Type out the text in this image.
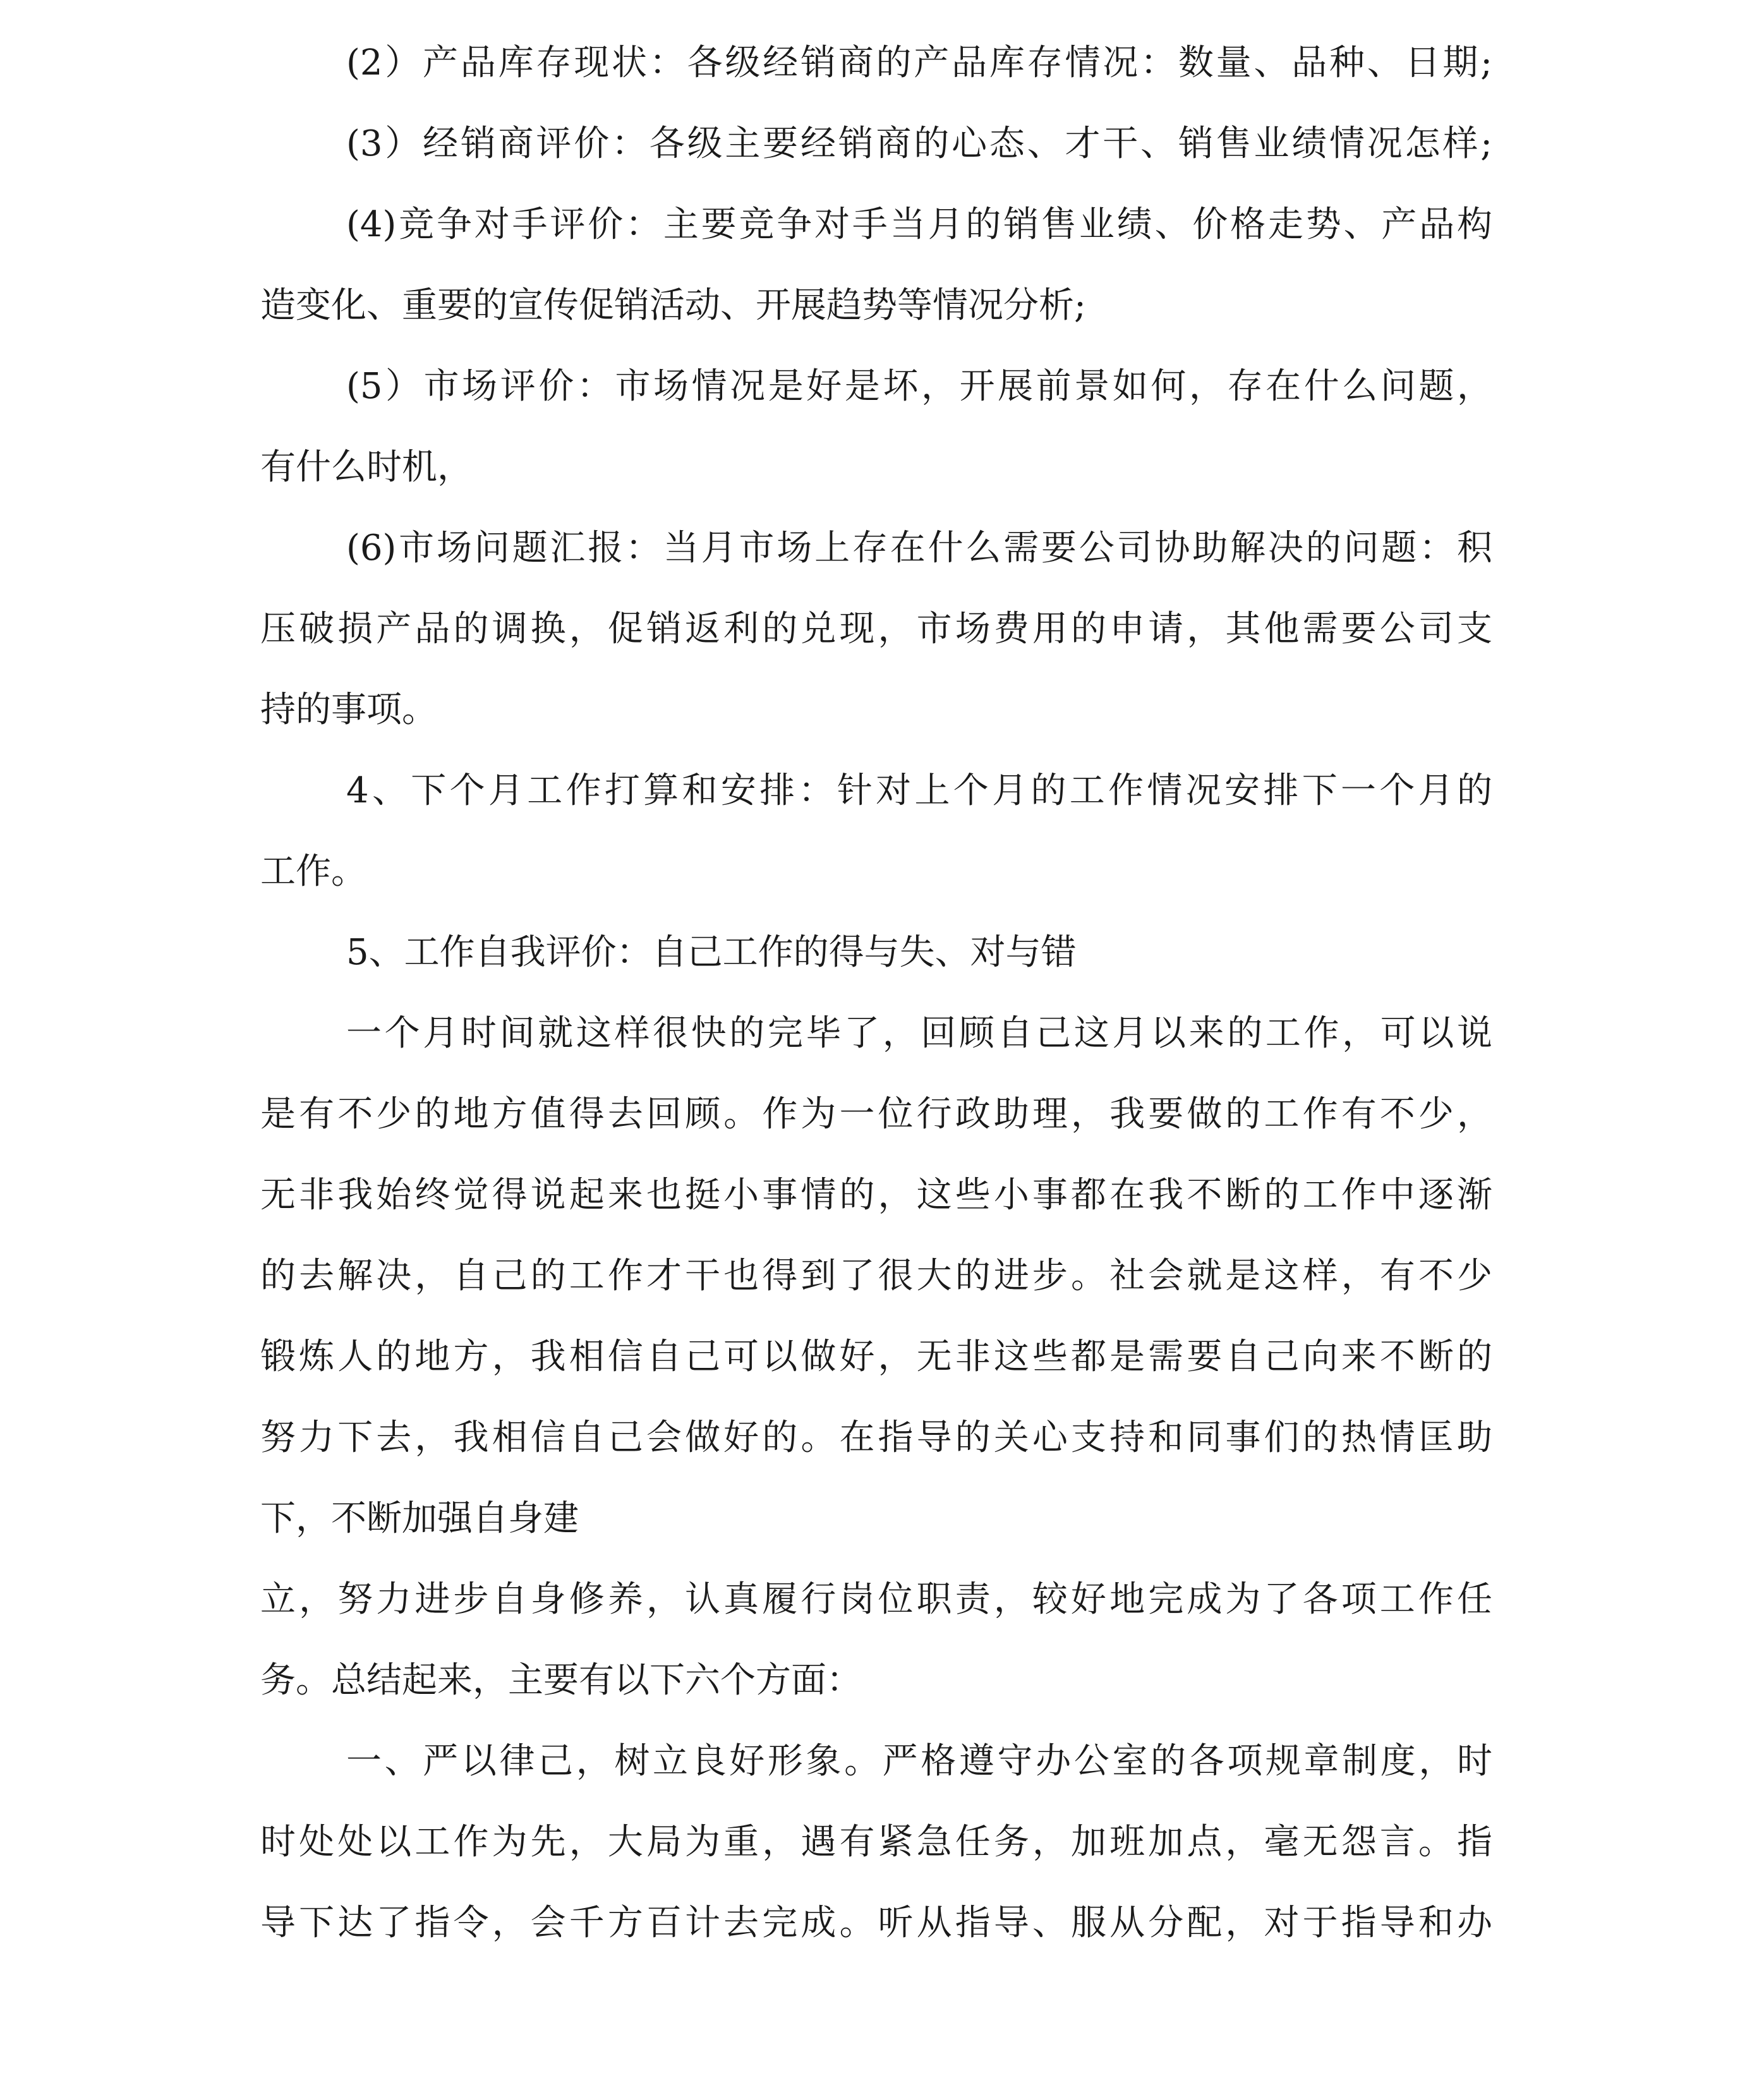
(2）产品库存现状：各级经销商的产品库存情况：数量、品种、日期;
(3）经销商评价：各级主要经销商的心态、才干、销售业绩情况怎样;
(4)竞争对手评价：主要竞争对手当月的销售业绩、价格走势、产品构
造变化、重要的宣传促销活动、开展趋势等情况分析;
(5）市场评价：市场情况是好是坏，开展前景如何，存在什么问题，
有什么时机，
(6)市场问题汇报：当月市场上存在什么需要公司协助解决的问题：积
压破损产品的调换，促销返利的兑现，市场费用的申请，其他需要公司支
持的事项。
4、下个月工作打算和安排：针对上个月的工作情况安排下一个月的
工作。
5、工作自我评价：自己工作的得与失、对与错
一个月时间就这样很快的完毕了，回顾自己这月以来的工作，可以说
是有不少的地方值得去回顾。作为一位行政助理，我要做的工作有不少，
无非我始终觉得说起来也挺小事情的，这些小事都在我不断的工作中逐渐
的去解决，自己的工作才干也得到了很大的进步。社会就是这样，有不少
锻炼人的地方，我相信自己可以做好，无非这些都是需要自己向来不断的
努力下去，我相信自己会做好的。在指导的关心支持和同事们的热情匡助
下，不断加强自身建
立，努力进步自身修养，认真履行岗位职责，较好地完成为了各项工作任
务。总结起来，主要有以下六个方面：
一、严以律己，树立良好形象。严格遵守办公室的各项规章制度，时
时处处以工作为先，大局为重，遇有紧急任务，加班加点，毫无怨言。指
导下达了指令，会千方百计去完成。听从指导、服从分配，对于指导和办
